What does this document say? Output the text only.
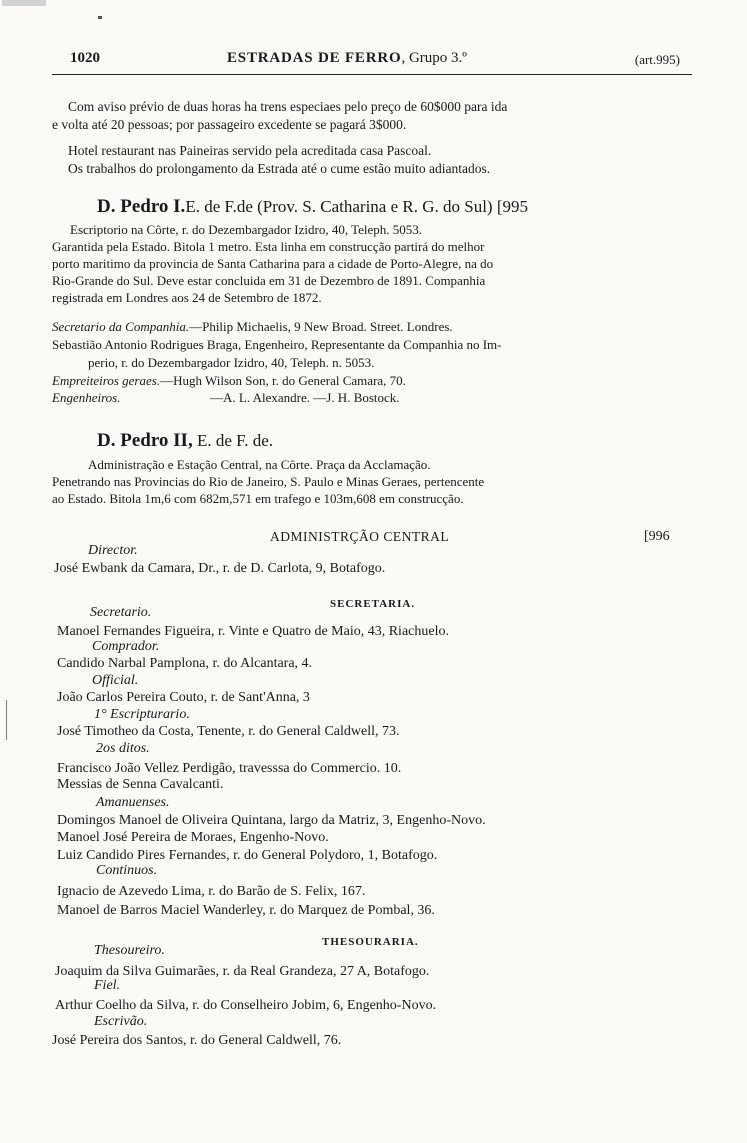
1020	ESTRADAS DE FERRO, Grupo 3.º	(art.995)
Com aviso prévio de duas horas ha trens especiaes pelo preço de 60$000 para ida
e volta até 20 pessoas; por passageiro excedente se pagará 3$000.
Hotel restaurant nas Paineiras servido pela acreditada casa Pascoal.
Os trabalhos do prolongamento da Estrada até o cume estão muito adiantados.
D. Pedro I.E. de F.de (Prov. S. Catharina e R. G. do Sul) [995
Escriptorio na Côrte, r. do Dezembargador Izidro, 40, Teleph. 5053.
Garantida pela Estado. Bitola 1 metro. Esta linha em construcção partirá do melhor
porto maritimo da provincia de Santa Catharina para a cidade de Porto-Alegre, na do
Rio-Grande do Sul. Deve estar concluida em 31 de Dezembro de 1891. Companhia
registrada em Londres aos 24 de Setembro de 1872.
Secretario da Companhia.—Philip Michaelis, 9 New Broad. Street. Londres.
Sebastião Antonio Rodrigues Braga, Engenheiro, Representante da Companhia no Im-
perio, r. do Dezembargador Izidro, 40, Teleph. n. 5053.
Empreiteiros geraes.—Hugh Wilson Son, r. do General Camara, 70.
Engenheiros.	—A. L. Alexandre. —J. H. Bostock.
D. Pedro II, E. de F. de.
Administração e Estação Central, na Côrte. Praça da Acclamação.
Penetrando nas Provincias do Rio de Janeiro, S. Paulo e Minas Geraes, pertencente
ao Estado. Bitola 1m,6 com 682m,571 em trafego e 103m,608 em construcção.
ADMINISTRÇÃO CENTRAL	[996
Director.
José Ewbank da Camara, Dr., r. de D. Carlota, 9, Botafogo.
SECRETARIA.
Secretario.
Manoel Fernandes Figueira, r. Vinte e Quatro de Maio, 43, Riachuelo.
Comprador.
Candido Narbal Pamplona, r. do Alcantara, 4.
Official.
João Carlos Pereira Couto, r. de Sant'Anna, 3
1° Escripturario.
José Timotheo da Costa, Tenente, r. do General Caldwell, 73.
2os ditos.
Francisco João Vellez Perdigão, travesssa do Commercio. 10.
Messias de Senna Cavalcanti.
Amanuenses.
Domingos Manoel de Oliveira Quintana, largo da Matriz, 3, Engenho-Novo.
Manoel José Pereira de Moraes, Engenho-Novo.
Luiz Candido Pires Fernandes, r. do General Polydoro, 1, Botafogo.
Continuos.
Ignacio de Azevedo Lima, r. do Barão de S. Felix, 167.
Manoel de Barros Maciel Wanderley, r. do Marquez de Pombal, 36.
THESOURARIA.
Thesoureiro.
Joaquim da Silva Guimarães, r. da Real Grandeza, 27 A, Botafogo.
Fiel.
Arthur Coelho da Silva, r. do Conselheiro Jobim, 6, Engenho-Novo.
Escrivão.
José Pereira dos Santos, r. do General Caldwell, 76.
